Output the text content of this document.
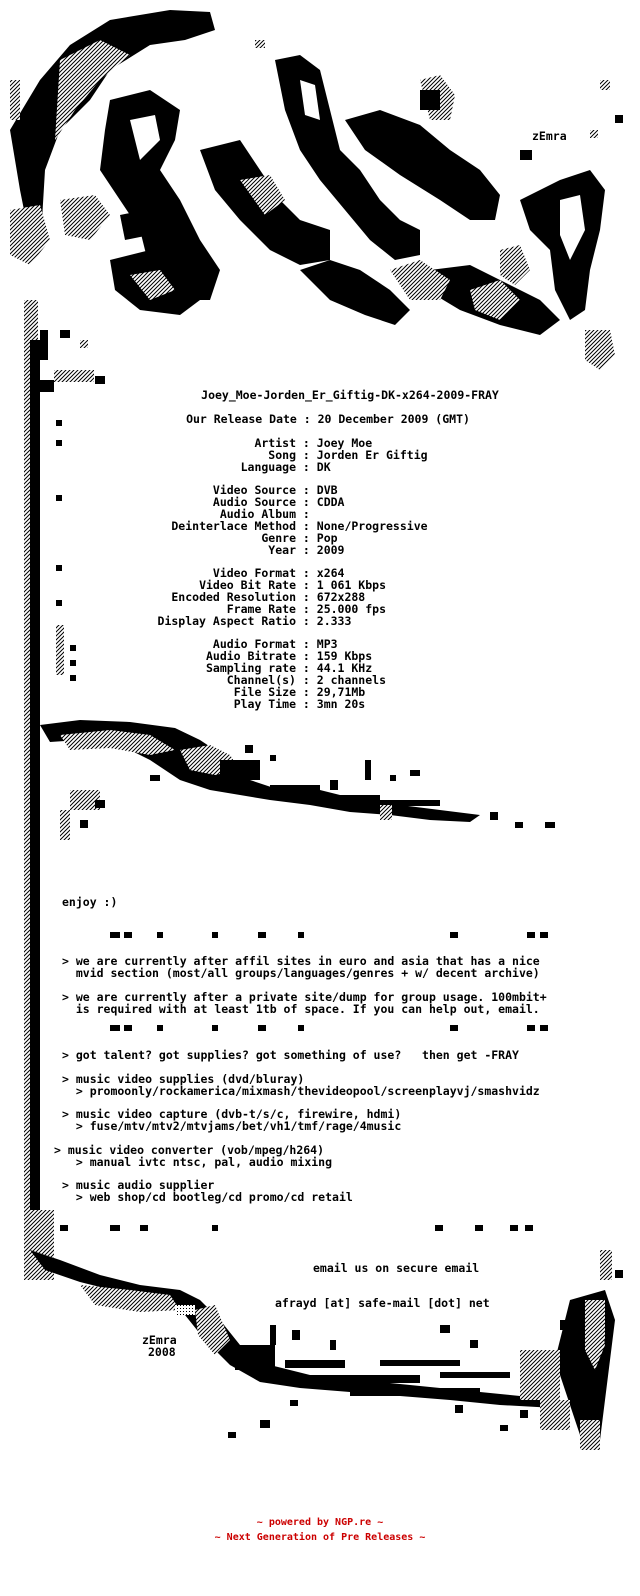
zEmra
zEmra
2008
Joey_Moe-Jorden_Er_Giftig-DK-x264-2009-FRAY
Our Release Date : 20 December 2009 (GMT)
Artist : Joey Moe
Song : Jorden Er Giftig
Language : DK
Video Source : DVB
Audio Source : CDDA
Audio Album :
Deinterlace Method : None/Progressive
Genre : Pop
Year : 2009
Video Format : x264
Video Bit Rate : 1 061 Kbps
Encoded Resolution : 672x288
Frame Rate : 25.000 fps
Display Aspect Ratio : 2.333
Audio Format : MP3
Audio Bitrate : 159 Kbps
Sampling rate : 44.1 KHz
Channel(s) : 2 channels
File Size : 29,71Mb
Play Time : 3mn 20s
enjoy :)
> we are currently after affil sites in euro and asia that has a nice
mvid section (most/all groups/languages/genres + w/ decent archive)
> we are currently after a private site/dump for group usage. 100mbit+
is required with at least 1tb of space. If you can help out, email.
> got talent? got supplies? got something of use?   then get -FRAY
> music video supplies (dvd/bluray)
> promoonly/rockamerica/mixmash/thevideopool/screenplayvj/smashvidz
> music video capture (dvb-t/s/c, firewire, hdmi)
> fuse/mtv/mtv2/mtvjams/bet/vh1/tmf/rage/4music
> music video converter (vob/mpeg/h264)
> manual ivtc ntsc, pal, audio mixing
> music audio supplier
> web shop/cd bootleg/cd promo/cd retail
email us on secure email
afrayd [at] safe-mail [dot] net
~ powered by NGP.re ~
~ Next Generation of Pre Releases ~
